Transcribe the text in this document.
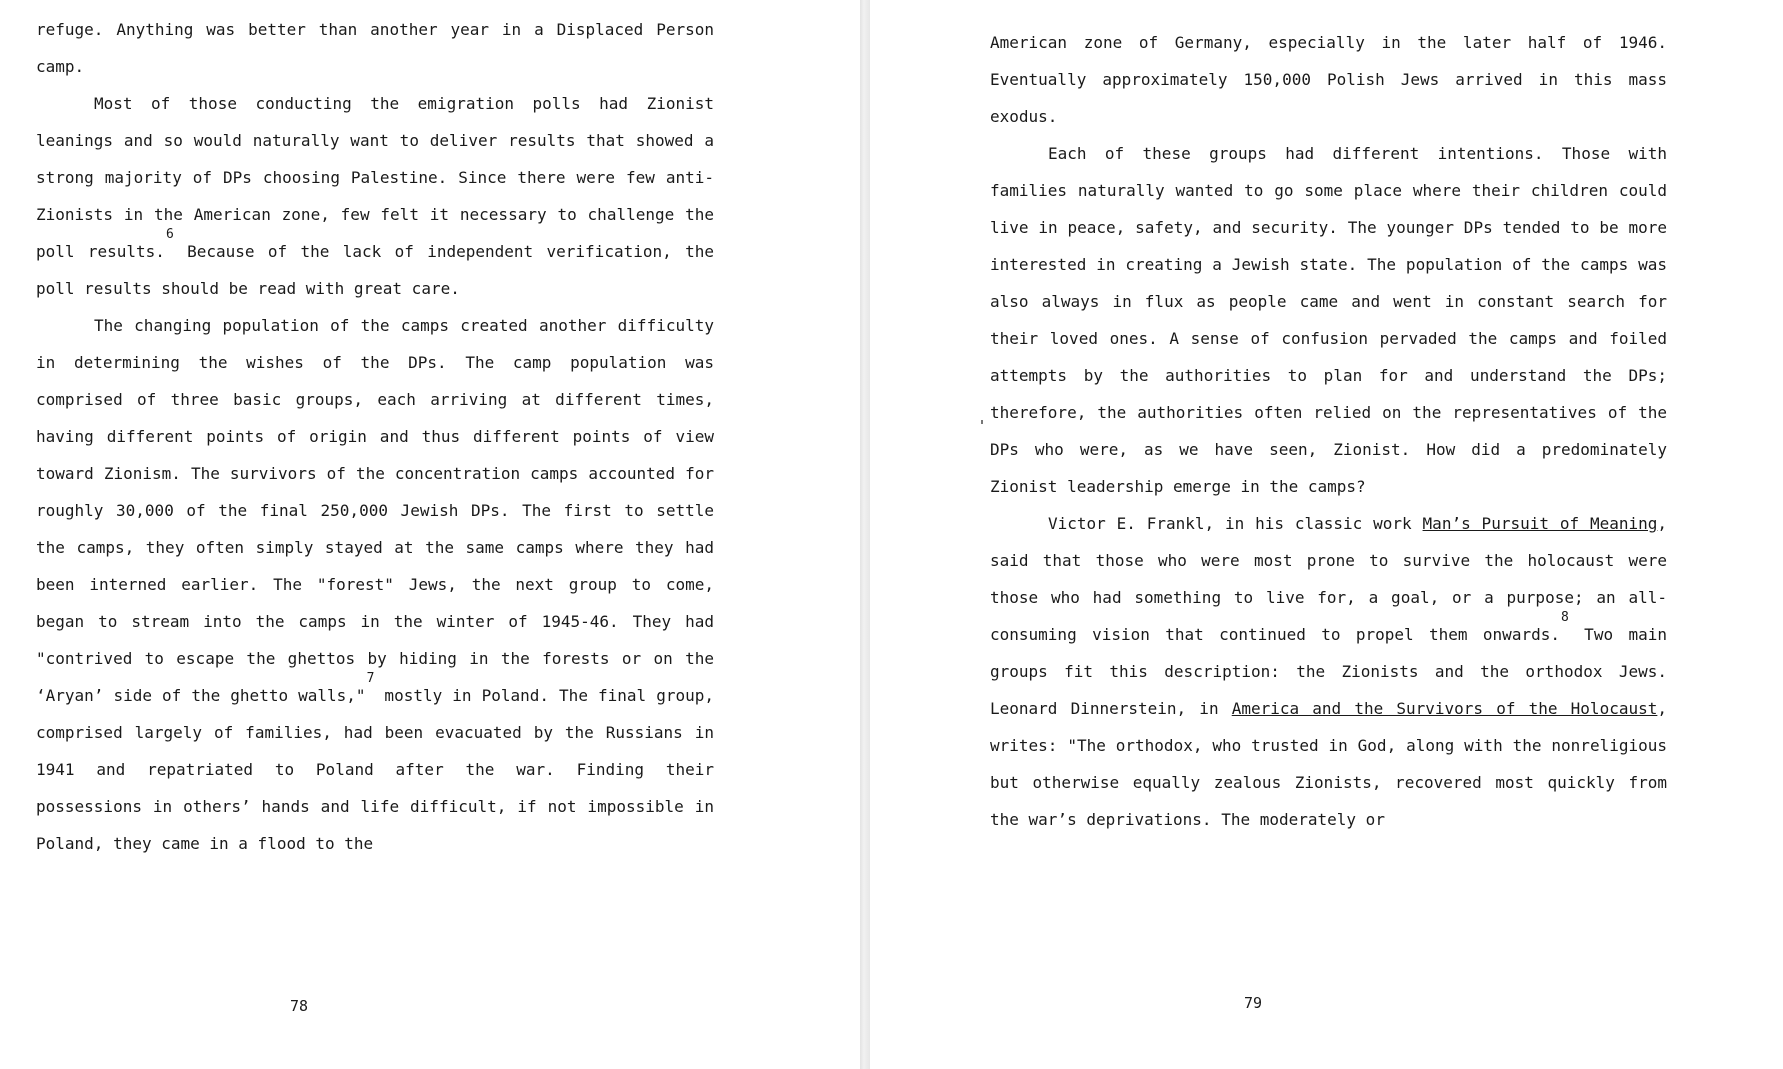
refuge. Anything was better than another year in a Displaced Person camp.

Most of those conducting the emigration polls had Zionist leanings and so would naturally want to deliver results that showed a strong majority of DPs choosing Palestine. Since there were few anti-Zionists in the American zone, few felt it necessary to challenge the poll results.$^6$ Because of the lack of independent verification, the poll results should be read with great care.

The changing population of the camps created another difficulty in determining the wishes of the DPs. The camp population was comprised of three basic groups, each arriving at different times, having different points of origin and thus different points of view toward Zionism. The survivors of the concentration camps accounted for roughly 30,000 of the final 250,000 Jewish DPs. The first to settle the camps, they often simply stayed at the same camps where they had been interned earlier. The "forest" Jews, the next group to come, began to stream into the camps in the winter of 1945-46. They had "contrived to escape the ghettos by hiding in the forests or on the ‘Aryan’ side of the ghetto walls,"$^7$ mostly in Poland. The final group, comprised largely of families, had been evacuated by the Russians in 1941 and repatriated to Poland after the war. Finding their possessions in others’ hands and life difficult, if not impossible in Poland, they came in a flood to the

78

American zone of Germany, especially in the later half of 1946. Eventually approximately 150,000 Polish Jews arrived in this mass exodus.

Each of these groups had different intentions. Those with families naturally wanted to go some place where their children could live in peace, safety, and security. The younger DPs tended to be more interested in creating a Jewish state. The population of the camps was also always in flux as people came and went in constant search for their loved ones. A sense of confusion pervaded the camps and foiled attempts by the authorities to plan for and understand the DPs; therefore, the authorities often relied on the representatives of the DPs who were, as we have seen, Zionist. How did a predominately Zionist leadership emerge in the camps?

Victor E. Frankl, in his classic work Man’s Pursuit of Meaning, said that those who were most prone to survive the holocaust were those who had something to live for, a goal, or a purpose; an all-consuming vision that continued to propel them onwards.$^8$ Two main groups fit this description: the Zionists and the orthodox Jews. Leonard Dinnerstein, in America and the Survivors of the Holocaust, writes: "The orthodox, who trusted in God, along with the nonreligious but otherwise equally zealous Zionists, recovered most quickly from the war’s deprivations. The moderately or

79
